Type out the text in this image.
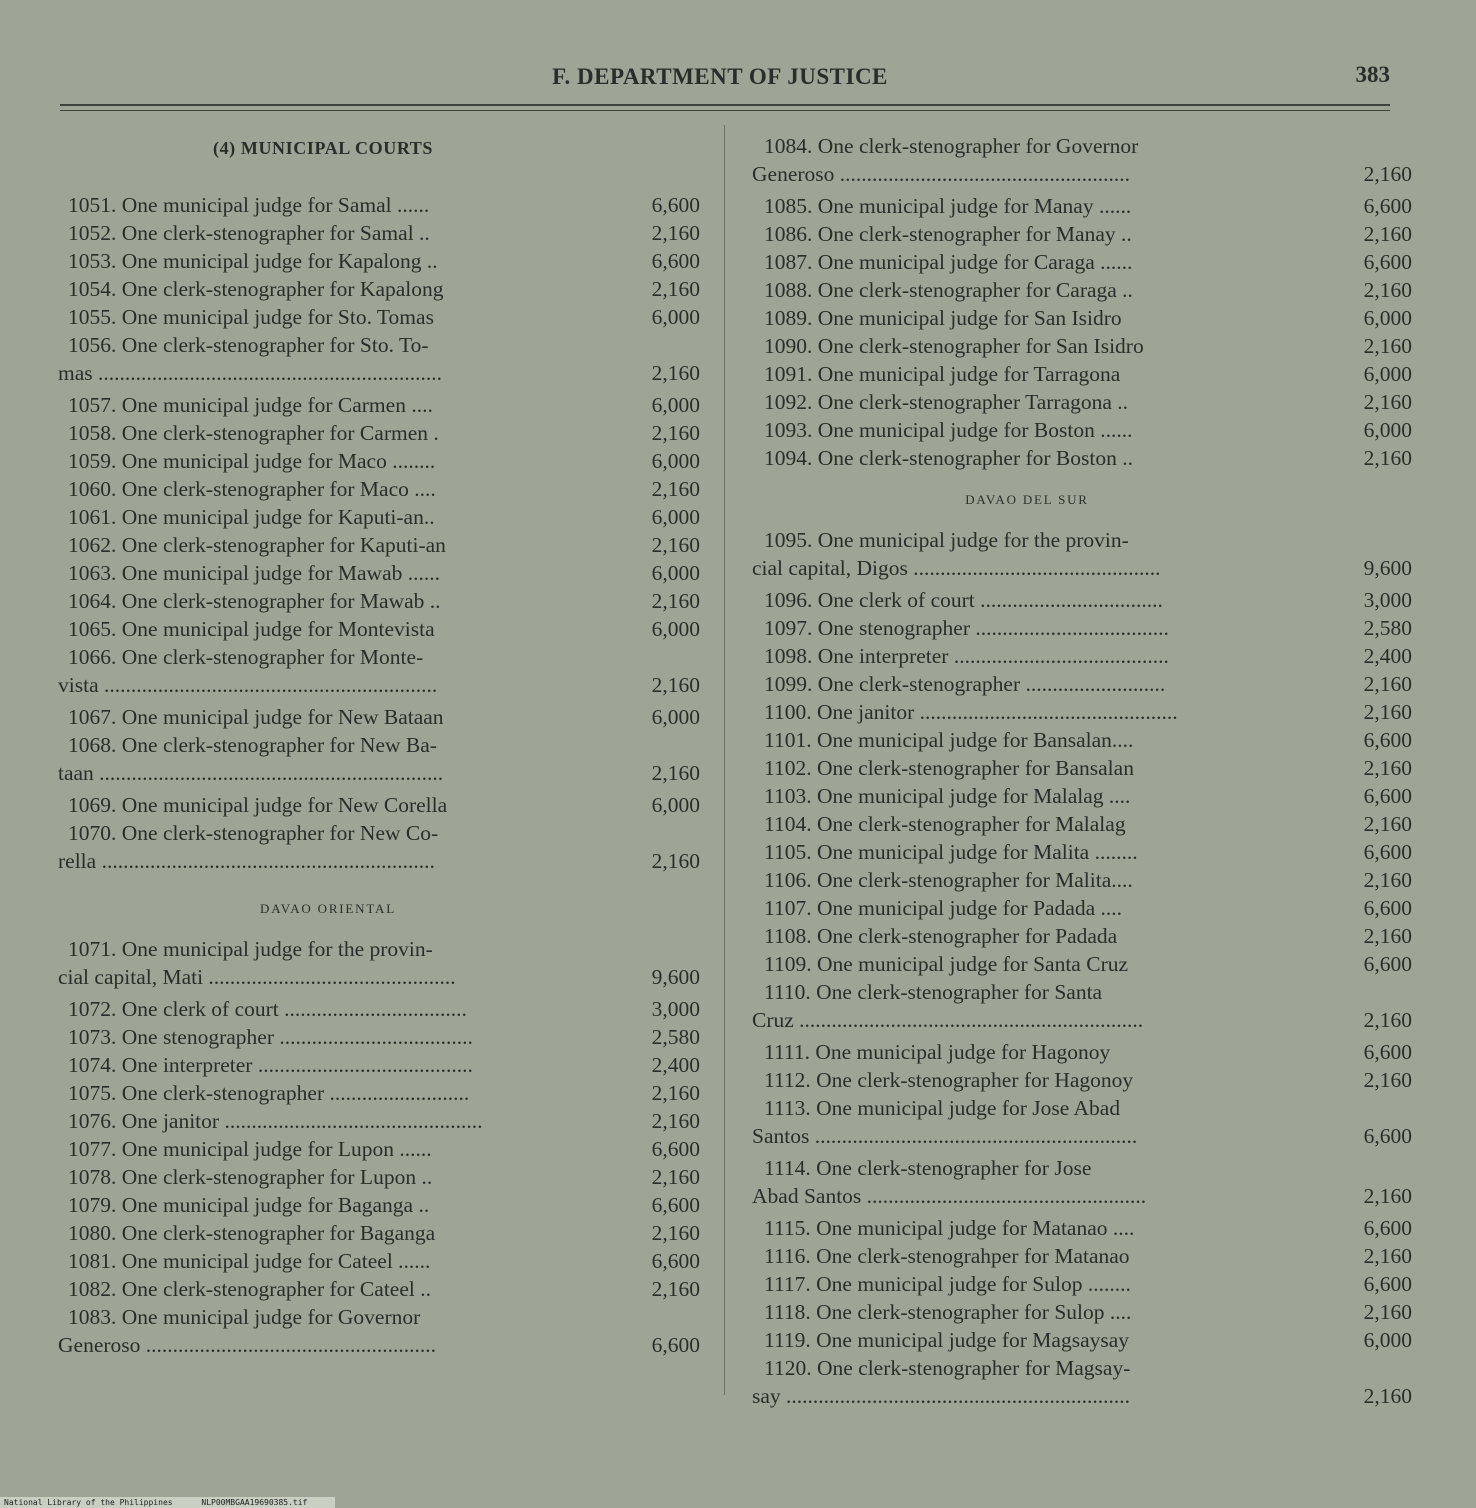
F. DEPARTMENT OF JUSTICE	383
(4) MUNICIPAL COURTS
1051. One municipal judge for Samal ......	6,600
1052. One clerk-stenographer for Samal ..	2,160
1053. One municipal judge for Kapalong ..	6,600
1054. One clerk-stenographer for Kapalong	2,160
1055. One municipal judge for Sto. Tomas	6,000
1056. One clerk-stenographer for Sto. To-
mas ................................................................	2,160
1057. One municipal judge for Carmen ....	6,000
1058. One clerk-stenographer for Carmen .	2,160
1059. One municipal judge for Maco ........	6,000
1060. One clerk-stenographer for Maco ....	2,160
1061. One municipal judge for Kaputi-an..	6,000
1062. One clerk-stenographer for Kaputi-an	2,160
1063. One municipal judge for Mawab ......	6,000
1064. One clerk-stenographer for Mawab ..	2,160
1065. One municipal judge for Montevista	6,000
1066. One clerk-stenographer for Monte-
vista ..............................................................	2,160
1067. One municipal judge for New Bataan	6,000
1068. One clerk-stenographer for New Ba-
taan ................................................................	2,160
1069. One municipal judge for New Corella	6,000
1070. One clerk-stenographer for New Co-
rella ..............................................................	2,160
DAVAO ORIENTAL
1071. One municipal judge for the provin-
cial capital, Mati ..............................................	9,600
1072. One clerk of court ..................................	3,000
1073. One stenographer ....................................	2,580
1074. One interpreter ........................................	2,400
1075. One clerk-stenographer ..........................	2,160
1076. One janitor ................................................	2,160
1077. One municipal judge for Lupon ......	6,600
1078. One clerk-stenographer for Lupon ..	2,160
1079. One municipal judge for Baganga ..	6,600
1080. One clerk-stenographer for Baganga	2,160
1081. One municipal judge for Cateel ......	6,600
1082. One clerk-stenographer for Cateel ..	2,160
1083. One municipal judge for Governor
Generoso ......................................................	6,600
1084. One clerk-stenographer for Governor
Generoso ......................................................	2,160
1085. One municipal judge for Manay ......	6,600
1086. One clerk-stenographer for Manay ..	2,160
1087. One municipal judge for Caraga ......	6,600
1088. One clerk-stenographer for Caraga ..	2,160
1089. One municipal judge for San Isidro	6,000
1090. One clerk-stenographer for San Isidro	2,160
1091. One municipal judge for Tarragona	6,000
1092. One clerk-stenographer Tarragona ..	2,160
1093. One municipal judge for Boston ......	6,000
1094. One clerk-stenographer for Boston ..	2,160
DAVAO DEL SUR
1095. One municipal judge for the provin-
cial capital, Digos ..............................................	9,600
1096. One clerk of court ..................................	3,000
1097. One stenographer ....................................	2,580
1098. One interpreter ........................................	2,400
1099. One clerk-stenographer ..........................	2,160
1100. One janitor ................................................	2,160
1101. One municipal judge for Bansalan....	6,600
1102. One clerk-stenographer for Bansalan	2,160
1103. One municipal judge for Malalag ....	6,600
1104. One clerk-stenographer for Malalag	2,160
1105. One municipal judge for Malita ........	6,600
1106. One clerk-stenographer for Malita....	2,160
1107. One municipal judge for Padada ....	6,600
1108. One clerk-stenographer for Padada	2,160
1109. One municipal judge for Santa Cruz	6,600
1110. One clerk-stenographer for Santa
Cruz ................................................................	2,160
1111. One municipal judge for Hagonoy	6,600
1112. One clerk-stenographer for Hagonoy	2,160
1113. One municipal judge for Jose Abad
Santos ............................................................	6,600
1114. One clerk-stenographer for Jose
Abad Santos ....................................................	2,160
1115. One municipal judge for Matanao ....	6,600
1116. One clerk-stenograhper for Matanao	2,160
1117. One municipal judge for Sulop ........	6,600
1118. One clerk-stenographer for Sulop ....	2,160
1119. One municipal judge for Magsaysay	6,000
1120. One clerk-stenographer for Magsay-
say ................................................................	2,160
National Library of the Philippines	NLP00MBGAA19690385.tif
